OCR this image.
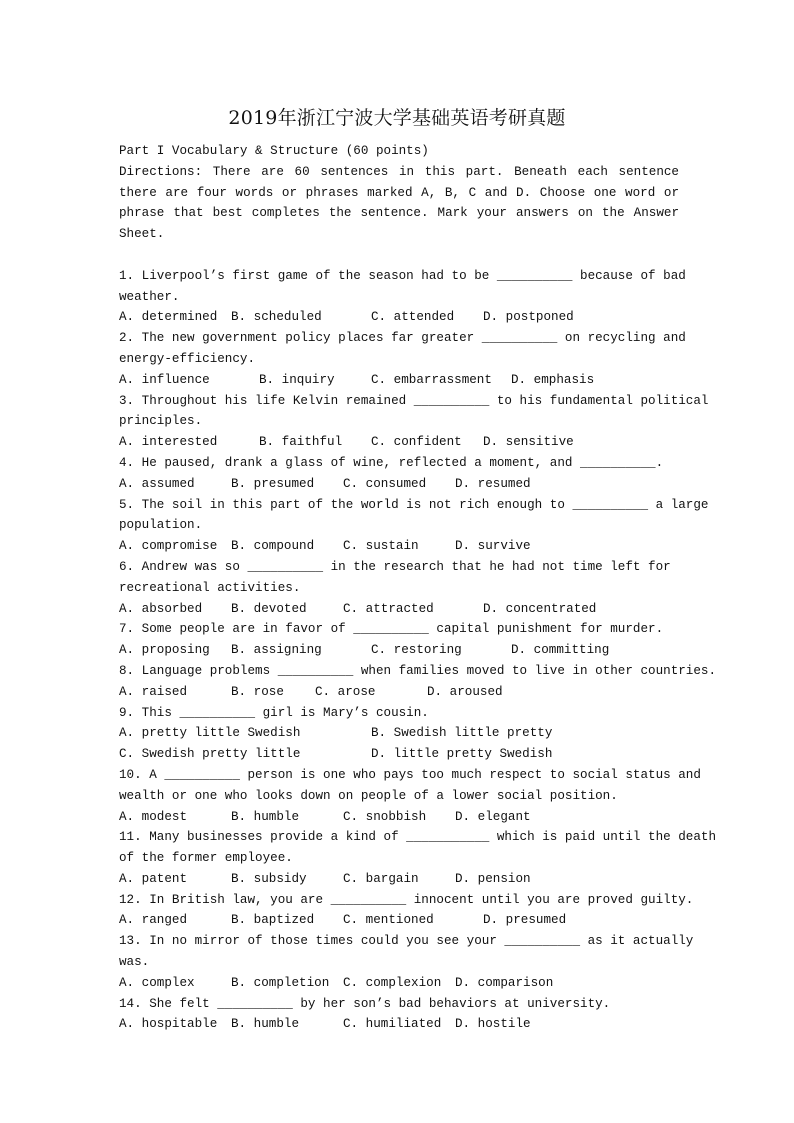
2019年浙江宁波大学基础英语考研真题
Part I Vocabulary & Structure (60 points)
Directions: There are 60 sentences in this part. Beneath each sentence there are four words or phrases marked A, B, C and D. Choose one word or phrase that best completes the sentence. Mark your answers on the Answer Sheet.
1. Liverpool’s first game of the season had to be __________ because of bad
weather.
A. determined B. scheduled	C. attended D. postponed
2. The new government policy places far greater __________ on recycling and
energy-efficiency.
A. influence	B. inquiry	C. embarrassment D. emphasis
3. Throughout his life Kelvin remained __________ to his fundamental political
principles.
A. interested	B. faithful C. confident D. sensitive
4. He paused, drank a glass of wine, reflected a moment, and __________.
A. assumed	B. presumed C. consumed D. resumed
5. The soil in this part of the world is not rich enough to __________ a large
population.
A. compromise B. compound C. sustain	D. survive
6. Andrew was so __________ in the research that he had not time left for
recreational activities.
A. absorbed B. devoted	C. attracted	D. concentrated
7. Some people are in favor of __________ capital punishment for murder.
A. proposing B. assigning	C. restoring	D. committing
8. Language problems __________ when families moved to live in other countries.
A. raised	B. rose C. arose	D. aroused
9. This __________ girl is Mary’s cousin.
A. pretty little Swedish	B. Swedish little pretty
C. Swedish pretty little	D. little pretty Swedish
10. A __________ person is one who pays too much respect to social status and
wealth or one who looks down on people of a lower social position.
A. modest	B. humble	C. snobbish D. elegant
11. Many businesses provide a kind of ___________ which is paid until the death
of the former employee.
A. patent	B. subsidy	C. bargain	D. pension
12. In British law, you are __________ innocent until you are proved guilty.
A. ranged	B. baptized C. mentioned	D. presumed
13. In no mirror of those times could you see your __________ as it actually
was.
A. complex	B. completion C. complexion D. comparison
14. She felt __________ by her son’s bad behaviors at university.
A. hospitable B. humble	C. humiliated D. hostile
